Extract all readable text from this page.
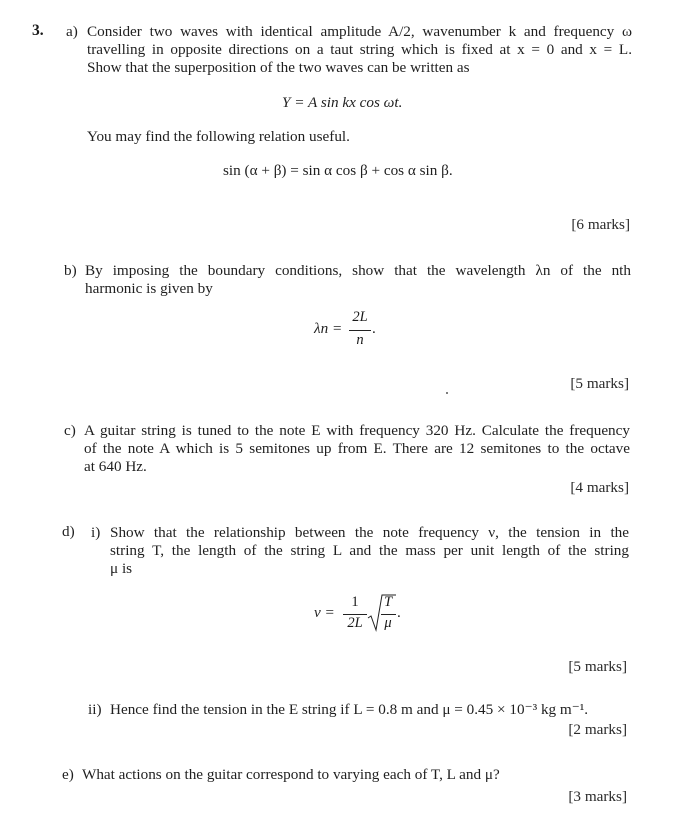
3. a) Consider two waves with identical amplitude A/2, wavenumber k and frequency ω
travelling in opposite directions on a taut string which is fixed at x = 0 and x = L.
Show that the superposition of the two waves can be written as
Y = A sin kx cos ωt.
You may find the following relation useful.
sin (α + β) = sin α cos β + cos α sin β.
[6 marks]
b) By imposing the boundary conditions, show that the wavelength λn of the nth
harmonic is given by
λn =
2L
n
.
[5 marks]
c) A guitar string is tuned to the note E with frequency 320 Hz. Calculate the frequency
of the note A which is 5 semitones up from E. There are 12 semitones to the octave
at 640 Hz.
[4 marks]
d) i) Show that the relationship between the note frequency ν, the tension in the
string T, the length of the string L and the mass per unit length of the string
μ is
ν =
1
2L
T
μ
.
[5 marks]
ii) Hence find the tension in the E string if L = 0.8 m and μ = 0.45 × 10⁻³ kg m⁻¹.
[2 marks]
e) What actions on the guitar correspond to varying each of T, L and μ?
[3 marks]
